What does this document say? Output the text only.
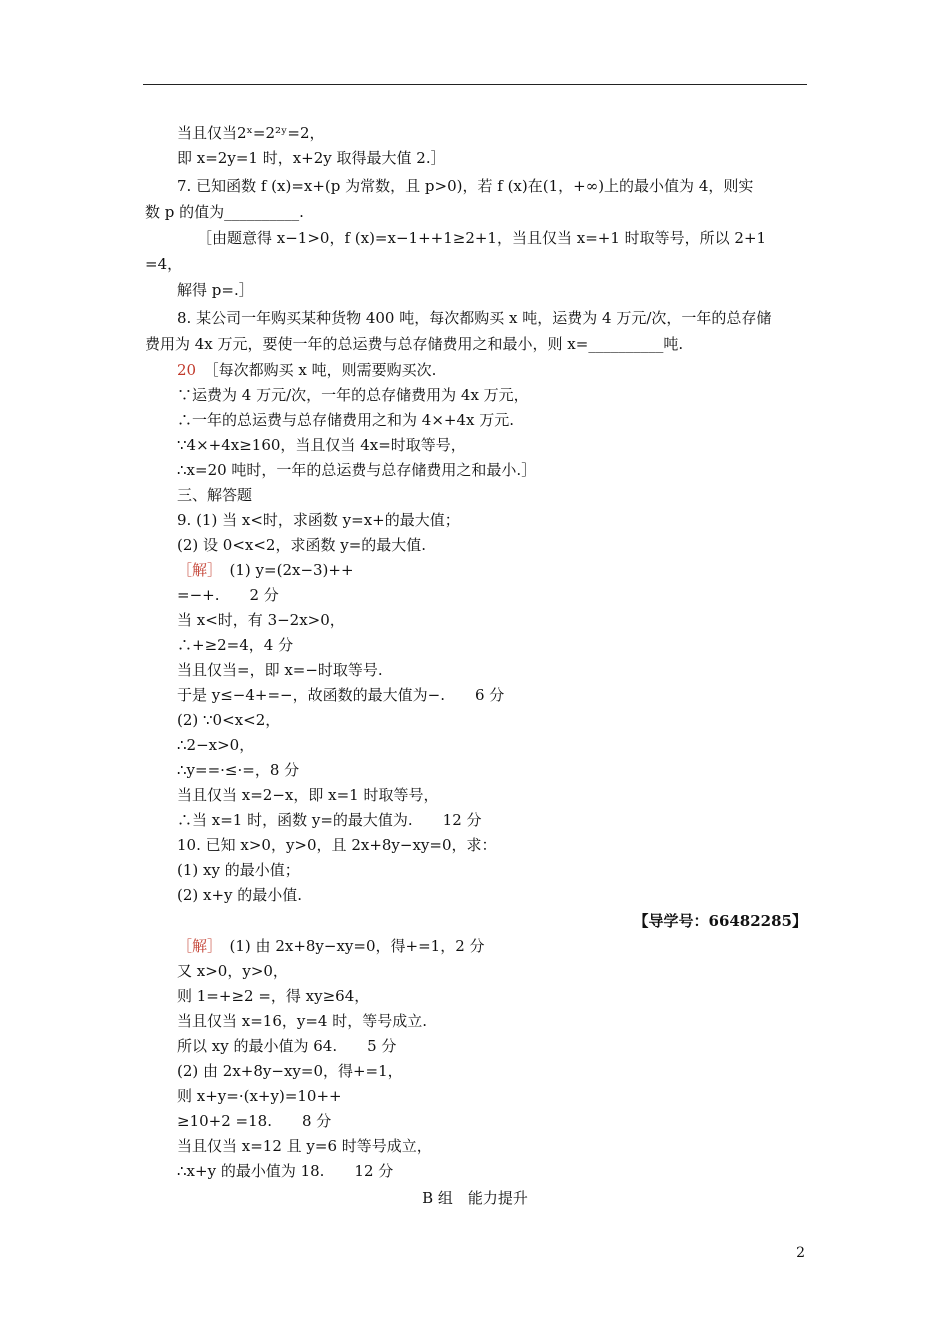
当且仅当2ˣ=2²ʸ=2，
即 x=2y=1 时，x+2y 取得最大值 2.］
7. 已知函数 f (x)=x+(p 为常数，且 p>0)，若 f (x)在(1，+∞)上的最小值为 4，则实
数 p 的值为__________.
［由题意得 x−1>0，f (x)=x−1++1≥2+1，当且仅当 x=+1 时取等号，所以 2+1
=4，
解得 p=.］
8. 某公司一年购买某种货物 400 吨，每次都购买 x 吨，运费为 4 万元/次，一年的总存储
费用为 4x 万元，要使一年的总运费与总存储费用之和最小，则 x=__________吨.
20　 ［每次都购买 x 吨，则需要购买次.
∵运费为 4 万元/次，一年的总存储费用为 4x 万元，
∴一年的总运费与总存储费用之和为 4×+4x 万元.
∵4×+4x≥160，当且仅当 4x=时取等号，
∴x=20 吨时，一年的总运费与总存储费用之和最小.］
三、解答题
9. (1) 当 x<时，求函数 y=x+的最大值；
(2) 设 0<x<2，求函数 y=的最大值.
［解］　 (1) y=(2x−3)++
=−+.　　2 分
当 x<时，有 3−2x>0，
∴+≥2=4，4 分
当且仅当=，即 x=−时取等号.
于是 y≤−4+=−，故函数的最大值为−.　　6 分
(2) ∵0<x<2，
∴2−x>0，
∴y==·≤·=，8 分
当且仅当 x=2−x，即 x=1 时取等号，
∴当 x=1 时，函数 y=的最大值为.　　12 分
10. 已知 x>0，y>0，且 2x+8y−xy=0，求：
(1) xy 的最小值；
(2) x+y 的最小值.
【导学号：66482285】
［解］　 (1) 由 2x+8y−xy=0，得+=1，2 分
又 x>0，y>0，
则 1=+≥2 =，得 xy≥64，
当且仅当 x=16，y=4 时，等号成立.
所以 xy 的最小值为 64.　　5 分
(2) 由 2x+8y−xy=0，得+=1，
则 x+y=·(x+y)=10++
≥10+2 =18.　　8 分
当且仅当 x=12 且 y=6 时等号成立，
∴x+y 的最小值为 18.　　12 分
B 组　能力提升
2
